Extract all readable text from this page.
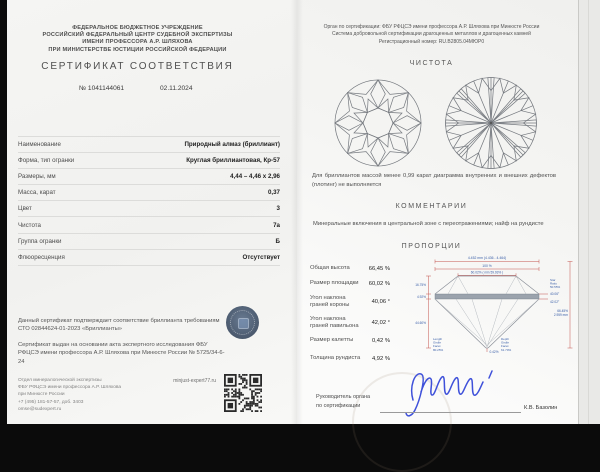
ФЕДЕРАЛЬНОЕ БЮДЖЕТНОЕ УЧРЕЖДЕНИЕ
РОССИЙСКИЙ ФЕДЕРАЛЬНЫЙ ЦЕНТР СУДЕБНОЙ ЭКСПЕРТИЗЫ
ИМЕНИ ПРОФЕССОРА А.Р. ШЛЯХОВА
ПРИ МИНИСТЕРСТВЕ ЮСТИЦИИ РОССИЙСКОЙ ФЕДЕРАЦИИ
СЕРТИФИКАТ СООТВЕТСТВИЯ
№ 1041144061	02.11.2024
Наименование	Природный алмаз (бриллиант)
Форма, тип огранки	Круглая бриллиантовая, Кр-57
Размеры, мм	4,44 – 4,46 x 2,96
Масса, карат	0,37
Цвет	3
Чистота	7а
Группа огранки	Б
Флюоресценция	Отсутствует
Данный сертификат подтверждает соответствие бриллианта требованиям СТО 02844624-01-2023 «Бриллианты»
Сертификат выдан на основании акта экспертного исследования ФБУ РФЦСЭ имени профессора А.Р. Шляхова при Минюсте России № 5725/34-6-24
Отдел минералогической экспертизы
ФБУ РФЦСЭ имени профессора А.Р. Шляхова
при Минюсте России
+7 (495) 181-57-57, доб. 3403
omse@sudexpert.ru
minjust-expert77.ru
Орган по сертификации: ФБУ РФЦСЭ имени профессора А.Р. Шляхова при Минюсте России
Система добровольной сертификации драгоценных металлов и драгоценных камней
Регистрационный номер: RU.В2805.04МЮР0
ЧИСТОТА
Для бриллиантов массой менее 0,99 карат диаграмма внутренних и внешних дефектов (плотинг) не выполняется
КОММЕНТАРИИ
Минеральные включения в центральной зоне с переотражениями; найф на рундисте
ПРОПОРЦИИ
Общая высота	66,45 %
Размер площадки	60,02 %
Угол наклона граней короны	40,06 °
Угол наклона граней павильона	42,02 °
Размер калетты	0,42 %
Толщина рундиста	4,92 %
4.452 mm (4.436 - 4.464)
100 %
60.02% ( min 59.93% )
16.75%
4.92%
44.60%
Star
Ratio
50.55%
40.06°
42.02°
66.45%
2.959 mm
0.42%
Length
Girdle
Facet
80.25%
Depth
Girdle
Facet
61.70%
Руководитель органа
по сертификации	К.В. Базолин
